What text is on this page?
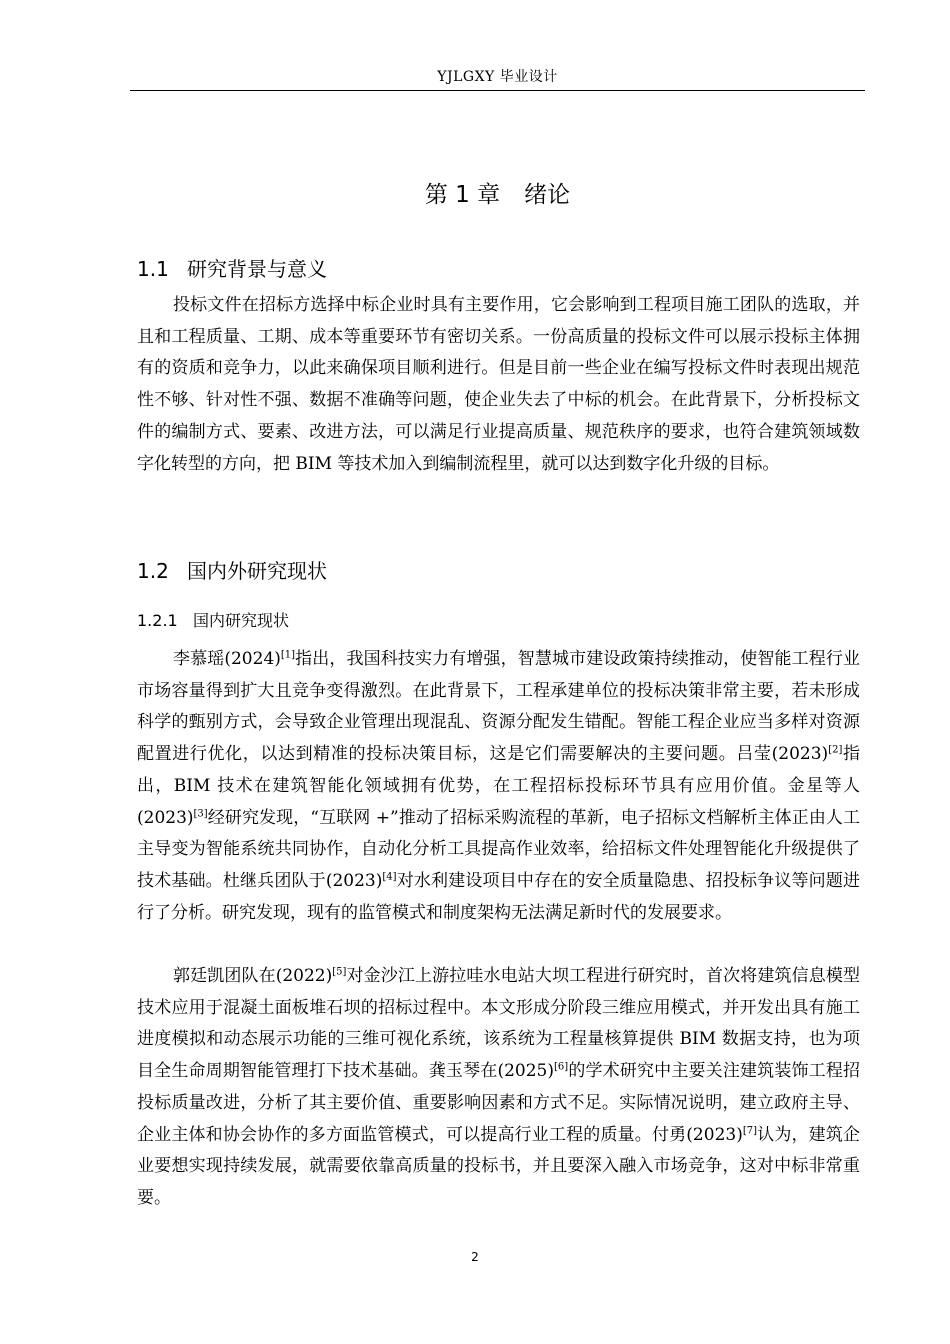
YJLGXY 毕业设计
第 1 章 绪论
1.1 研究背景与意义

投标文件在招标方选择中标企业时具有主要作用，它会影响到工程项目施工团队的选取，并且和工程质量、工期、成本等重要环节有密切关系。一份高质量的投标文件可以展示投标主体拥有的资质和竞争力，以此来确保项目顺利进行。但是目前一些企业在编写投标文件时表现出规范性不够、针对性不强、数据不准确等问题，使企业失去了中标的机会。在此背景下，分析投标文件的编制方式、要素、改进方法，可以满足行业提高质量、规范秩序的要求，也符合建筑领域数字化转型的方向，把 BIM 等技术加入到编制流程里，就可以达到数字化升级的目标。

1.2 国内外研究现状
1.2.1 国内研究现状

李慕瑶(2024)[1]指出，我国科技实力有增强，智慧城市建设政策持续推动，使智能工程行业市场容量得到扩大且竞争变得激烈。在此背景下，工程承建单位的投标决策非常主要，若未形成科学的甄别方式，会导致企业管理出现混乱、资源分配发生错配。智能工程企业应当多样对资源配置进行优化，以达到精准的投标决策目标，这是它们需要解决的主要问题。吕莹(2023)[2]指出，BIM 技术在建筑智能化领域拥有优势，在工程招标投标环节具有应用价值。金星等人(2023)[3]经研究发现，“互联网 +”推动了招标采购流程的革新，电子招标文档解析主体正由人工主导变为智能系统共同协作，自动化分析工具提高作业效率，给招标文件处理智能化升级提供了技术基础。杜继兵团队于(2023)[4]对水利建设项目中存在的安全质量隐患、招投标争议等问题进行了分析。研究发现，现有的监管模式和制度架构无法满足新时代的发展要求。

郭廷凯团队在(2022)[5]对金沙江上游拉哇水电站大坝工程进行研究时，首次将建筑信息模型技术应用于混凝土面板堆石坝的招标过程中。本文形成分阶段三维应用模式，并开发出具有施工进度模拟和动态展示功能的三维可视化系统，该系统为工程量核算提供 BIM 数据支持，也为项目全生命周期智能管理打下技术基础。龚玉琴在(2025)[6]的学术研究中主要关注建筑装饰工程招投标质量改进，分析了其主要价值、重要影响因素和方式不足。实际情况说明，建立政府主导、企业主体和协会协作的多方面监管模式，可以提高行业工程的质量。付勇(2023)[7]认为，建筑企业要想实现持续发展，就需要依靠高质量的投标书，并且要深入融入市场竞争，这对中标非常重要。

2
